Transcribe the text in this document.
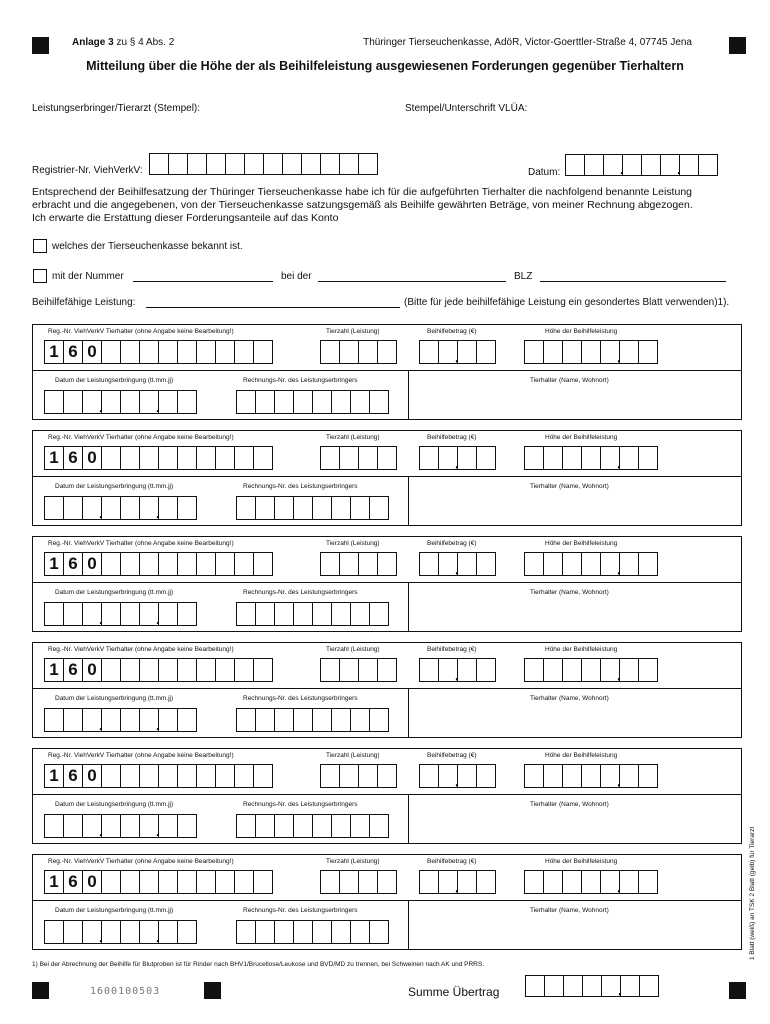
Anlage 3 zu § 4 Abs. 2	Thüringer Tierseuchenkasse, AdöR, Victor-Goerttler-Straße 4, 07745 Jena
Mitteilung über die Höhe der als Beihilfeleistung ausgewiesenen Forderungen gegenüber Tierhaltern
Leistungserbringer/Tierarzt (Stempel):	Stempel/Unterschrift VLÜA:
Registrier-Nr. ViehVerkV:	Datum:
.
.
Entsprechend der Beihilfesatzung der Thüringer Tierseuchenkasse habe ich für die aufgeführten Tierhalter die nachfolgend benannte Leistung
erbracht und die angegebenen, von der Tierseuchenkasse satzungsgemäß als Beihilfe gewährten Beträge, von meiner Rechnung abgezogen.
Ich erwarte die Erstattung dieser Forderungsanteile auf das Konto
welches der Tierseuchenkasse bekannt ist.
mit der Nummer	bei der	BLZ
Beihilfefähige Leistung:	(Bitte für jede beihilfefähige Leistung ein gesondertes Blatt verwenden)1).
Reg.-Nr. ViehVerkV Tierhalter (ohne Angabe keine Bearbeitung!)	Tierzahl (Leistung)	Beihilfebetrag (€)	Höhe der Beihilfeleistung
Datum der Leistungserbringung (tt.mm.jj)	Rechnungs-Nr. des Leistungserbringers	Tierhalter (Name, Wohnort)
1 6 0
,
,
.
.
Reg.-Nr. ViehVerkV Tierhalter (ohne Angabe keine Bearbeitung!)	Tierzahl (Leistung)	Beihilfebetrag (€)	Höhe der Beihilfeleistung
Datum der Leistungserbringung (tt.mm.jj)	Rechnungs-Nr. des Leistungserbringers	Tierhalter (Name, Wohnort)
1 6 0
,
,
.
.
Reg.-Nr. ViehVerkV Tierhalter (ohne Angabe keine Bearbeitung!)	Tierzahl (Leistung)	Beihilfebetrag (€)	Höhe der Beihilfeleistung
Datum der Leistungserbringung (tt.mm.jj)	Rechnungs-Nr. des Leistungserbringers	Tierhalter (Name, Wohnort)
1 6 0
,
,
.
.
Reg.-Nr. ViehVerkV Tierhalter (ohne Angabe keine Bearbeitung!)	Tierzahl (Leistung)	Beihilfebetrag (€)	Höhe der Beihilfeleistung
Datum der Leistungserbringung (tt.mm.jj)	Rechnungs-Nr. des Leistungserbringers	Tierhalter (Name, Wohnort)
1 6 0
,
,
.
.
Reg.-Nr. ViehVerkV Tierhalter (ohne Angabe keine Bearbeitung!)	Tierzahl (Leistung)	Beihilfebetrag (€)	Höhe der Beihilfeleistung
Datum der Leistungserbringung (tt.mm.jj)	Rechnungs-Nr. des Leistungserbringers	Tierhalter (Name, Wohnort)
1 6 0
,
,
.
.
Reg.-Nr. ViehVerkV Tierhalter (ohne Angabe keine Bearbeitung!)	Tierzahl (Leistung)	Beihilfebetrag (€)	Höhe der Beihilfeleistung
Datum der Leistungserbringung (tt.mm.jj)	Rechnungs-Nr. des Leistungserbringers	Tierhalter (Name, Wohnort)
1 6 0
,
,
.
.
1) Bei der Abrechnung der Beihilfe für Blutproben ist für Rinder nach BHV1/Brucellose/Leukose und BVD/MD zu trennen, bei Schweinen nach AK und PRRS.
1600100503	Summe Übertrag
,
1 Blatt (weiß) an TSK 2 Blatt (gelb) für Tierarzt
